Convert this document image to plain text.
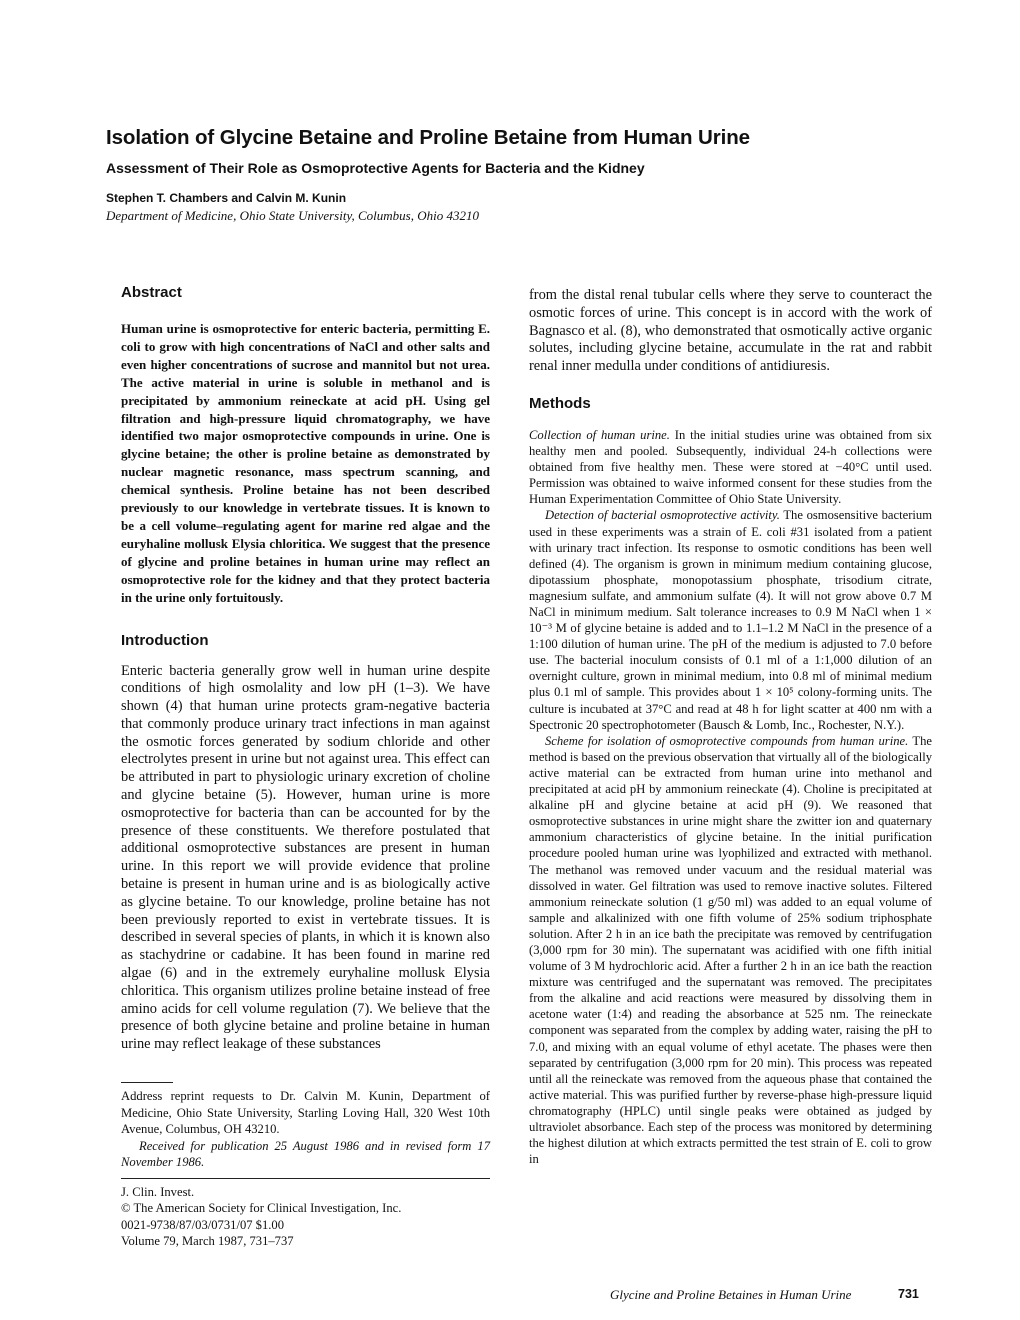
Isolation of Glycine Betaine and Proline Betaine from Human Urine
Assessment of Their Role as Osmoprotective Agents for Bacteria and the Kidney
Stephen T. Chambers and Calvin M. Kunin
Department of Medicine, Ohio State University, Columbus, Ohio 43210
Abstract

Human urine is osmoprotective for enteric bacteria, permitting E. coli to grow with high concentrations of NaCl and other salts and even higher concentrations of sucrose and mannitol but not urea. The active material in urine is soluble in methanol and is precipitated by ammonium reineckate at acid pH. Using gel filtration and high-pressure liquid chromatography, we have identified two major osmoprotective compounds in urine. One is glycine betaine; the other is proline betaine as demonstrated by nuclear magnetic resonance, mass spectrum scanning, and chemical synthesis. Proline betaine has not been described previously to our knowledge in vertebrate tissues. It is known to be a cell volume–regulating agent for marine red algae and the euryhaline mollusk Elysia chloritica. We suggest that the presence of glycine and proline betaines in human urine may reflect an osmoprotective role for the kidney and that they protect bacteria in the urine only fortuitously.

Introduction

Enteric bacteria generally grow well in human urine despite conditions of high osmolality and low pH (1–3). We have shown (4) that human urine protects gram-negative bacteria that commonly produce urinary tract infections in man against the osmotic forces generated by sodium chloride and other electrolytes present in urine but not against urea. This effect can be attributed in part to physiologic urinary excretion of choline and glycine betaine (5). However, human urine is more osmoprotective for bacteria than can be accounted for by the presence of these constituents. We therefore postulated that additional osmoprotective substances are present in human urine. In this report we will provide evidence that proline betaine is present in human urine and is as biologically active as glycine betaine. To our knowledge, proline betaine has not been previously reported to exist in vertebrate tissues. It is described in several species of plants, in which it is known also as stachydrine or cadabine. It has been found in marine red algae (6) and in the extremely euryhaline mollusk Elysia chloritica. This organism utilizes proline betaine instead of free amino acids for cell volume regulation (7). We believe that the presence of both glycine betaine and proline betaine in human urine may reflect leakage of these substances

Address reprint requests to Dr. Calvin M. Kunin, Department of Medicine, Ohio State University, Starling Loving Hall, 320 West 10th Avenue, Columbus, OH 43210.

Received for publication 25 August 1986 and in revised form 17 November 1986.

J. Clin. Invest.

© The American Society for Clinical Investigation, Inc.

0021-9738/87/03/0731/07 $1.00

Volume 79, March 1987, 731–737

from the distal renal tubular cells where they serve to counteract the osmotic forces of urine. This concept is in accord with the work of Bagnasco et al. (8), who demonstrated that osmotically active organic solutes, including glycine betaine, accumulate in the rat and rabbit renal inner medulla under conditions of antidiuresis.

Methods

Collection of human urine. In the initial studies urine was obtained from six healthy men and pooled. Subsequently, individual 24-h collections were obtained from five healthy men. These were stored at −40°C until used. Permission was obtained to waive informed consent for these studies from the Human Experimentation Committee of Ohio State University.

Detection of bacterial osmoprotective activity. The osmosensitive bacterium used in these experiments was a strain of E. coli #31 isolated from a patient with urinary tract infection. Its response to osmotic conditions has been well defined (4). The organism is grown in minimum medium containing glucose, dipotassium phosphate, monopotassium phosphate, trisodium citrate, magnesium sulfate, and ammonium sulfate (4). It will not grow above 0.7 M NaCl in minimum medium. Salt tolerance increases to 0.9 M NaCl when 1 × 10⁻³ M of glycine betaine is added and to 1.1–1.2 M NaCl in the presence of a 1:100 dilution of human urine. The pH of the medium is adjusted to 7.0 before use. The bacterial inoculum consists of 0.1 ml of a 1:1,000 dilution of an overnight culture, grown in minimal medium, into 0.8 ml of minimal medium plus 0.1 ml of sample. This provides about 1 × 10⁵ colony-forming units. The culture is incubated at 37°C and read at 48 h for light scatter at 400 nm with a Spectronic 20 spectrophotometer (Bausch & Lomb, Inc., Rochester, N.Y.).

Scheme for isolation of osmoprotective compounds from human urine. The method is based on the previous observation that virtually all of the biologically active material can be extracted from human urine into methanol and precipitated at acid pH by ammonium reineckate (4). Choline is precipitated at alkaline pH and glycine betaine at acid pH (9). We reasoned that osmoprotective substances in urine might share the zwitter ion and quaternary ammonium characteristics of glycine betaine. In the initial purification procedure pooled human urine was lyophilized and extracted with methanol. The methanol was removed under vacuum and the residual material was dissolved in water. Gel filtration was used to remove inactive solutes. Filtered ammonium reineckate solution (1 g/50 ml) was added to an equal volume of sample and alkalinized with one fifth volume of 25% sodium triphosphate solution. After 2 h in an ice bath the precipitate was removed by centrifugation (3,000 rpm for 30 min). The supernatant was acidified with one fifth initial volume of 3 M hydrochloric acid. After a further 2 h in an ice bath the reaction mixture was centrifuged and the supernatant was removed. The precipitates from the alkaline and acid reactions were measured by dissolving them in acetone water (1:4) and reading the absorbance at 525 nm. The reineckate component was separated from the complex by adding water, raising the pH to 7.0, and mixing with an equal volume of ethyl acetate. The phases were then separated by centrifugation (3,000 rpm for 20 min). This process was repeated until all the reineckate was removed from the aqueous phase that contained the active material. This was purified further by reverse-phase high-pressure liquid chromatography (HPLC) until single peaks were obtained as judged by ultraviolet absorbance. Each step of the process was monitored by determining the highest dilution at which extracts permitted the test strain of E. coli to grow in

Glycine and Proline Betaines in Human Urine	731
